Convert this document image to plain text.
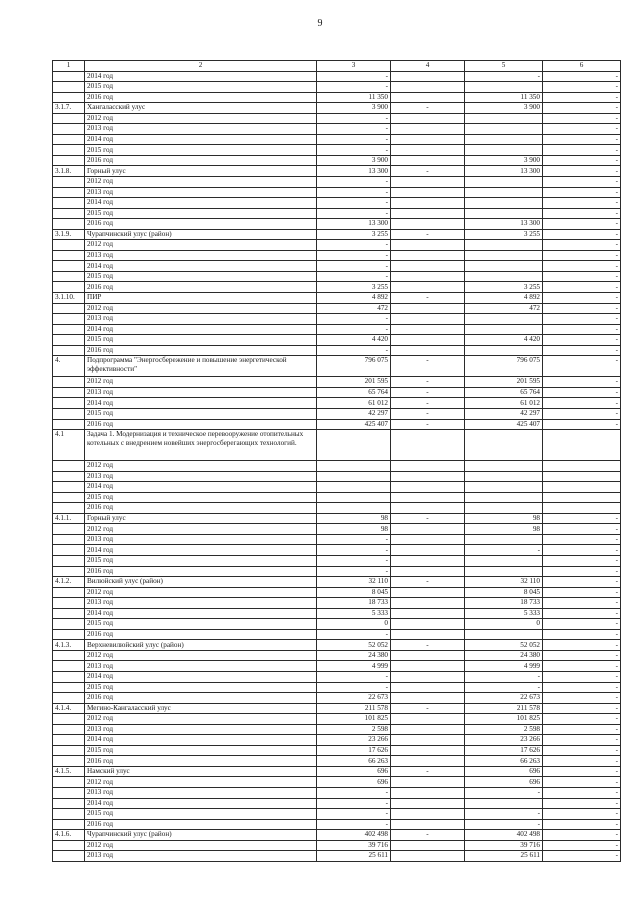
9
1	2	3	4	5	6
	2014 год	-		-	-
	2015 год	-			-
	2016 год	11 350		11 350	-
3.1.7.	Хангаласский улус	3 900	-	3 900	-
	2012 год	-			-
	2013 год	-			-
	2014 год	-			-
	2015 год	-			-
	2016 год	3 900		3 900	-
3.1.8.	Горный улус	13 300	-	13 300	-
	2012 год	-			-
	2013 год	-			-
	2014 год	-			-
	2015 год	-			-
	2016 год	13 300		13 300	-
3.1.9.	Чурапчинский улус (район)	3 255	-	3 255	-
	2012 год	-			-
	2013 год	-			-
	2014 год	-			-
	2015 год	-			-
	2016 год	3 255		3 255	-
3.1.10.	ПИР	4 892	-	4 892	-
	2012 год	472		472	-
	2013 год	-			-
	2014 год	-			-
	2015 год	4 420		4 420	-
	2016 год	-			-
4.	Подпрограмма "Энергосбережение и повышение энергетической эффективности"	796 075	-	796 075	-
	2012 год	201 595	-	201 595	-
	2013 год	65 764	-	65 764	-
	2014 год	61 012	-	61 012	-
	2015 год	42 297	-	42 297	-
	2016 год	425 407	-	425 407	-
4.1	Задача 1. Модернизация и техническое перевооружение отопительных котельных с внедрением новейших энергосберегающих технологий.				
	2012 год				
	2013 год				
	2014 год				
	2015 год				
	2016 год				
4.1.1.	Горный улус	98	-	98	-
	2012 год	98		98	-
	2013 год	-			-
	2014 год	-		-	-
	2015 год	-			-
	2016 год	-			-
4.1.2.	Вилюйский улус (район)	32 110	-	32 110	-
	2012 год	8 045		8 045	-
	2013 год	18 733		18 733	-
	2014 год	5 333		5 333	-
	2015 год	0		0	-
	2016 год	-			-
4.1.3.	Верхневилюйский улус (район)	52 052	-	52 052	-
	2012 год	24 380		24 380	-
	2013 год	4 999		4 999	-
	2014 год	-		-	-
	2015 год	-		-	-
	2016 год	22 673		22 673	-
4.1.4.	Мегино-Кангаласский улус	211 578	-	211 578	-
	2012 год	101 825		101 825	-
	2013 год	2 598		2 598	-
	2014 год	23 266		23 266	-
	2015 год	17 626		17 626	-
	2016 год	66 263		66 263	-
4.1.5.	Намский улус	696	-	696	-
	2012 год	696		696	-
	2013 год	-		-	-
	2014 год	-			-
	2015 год	-		-	-
	2016 год	-		-	-
4.1.6.	Чурапчинский улус (район)	402 498	-	402 498	-
	2012 год	39 716		39 716	-
	2013 год	25 611		25 611	-
